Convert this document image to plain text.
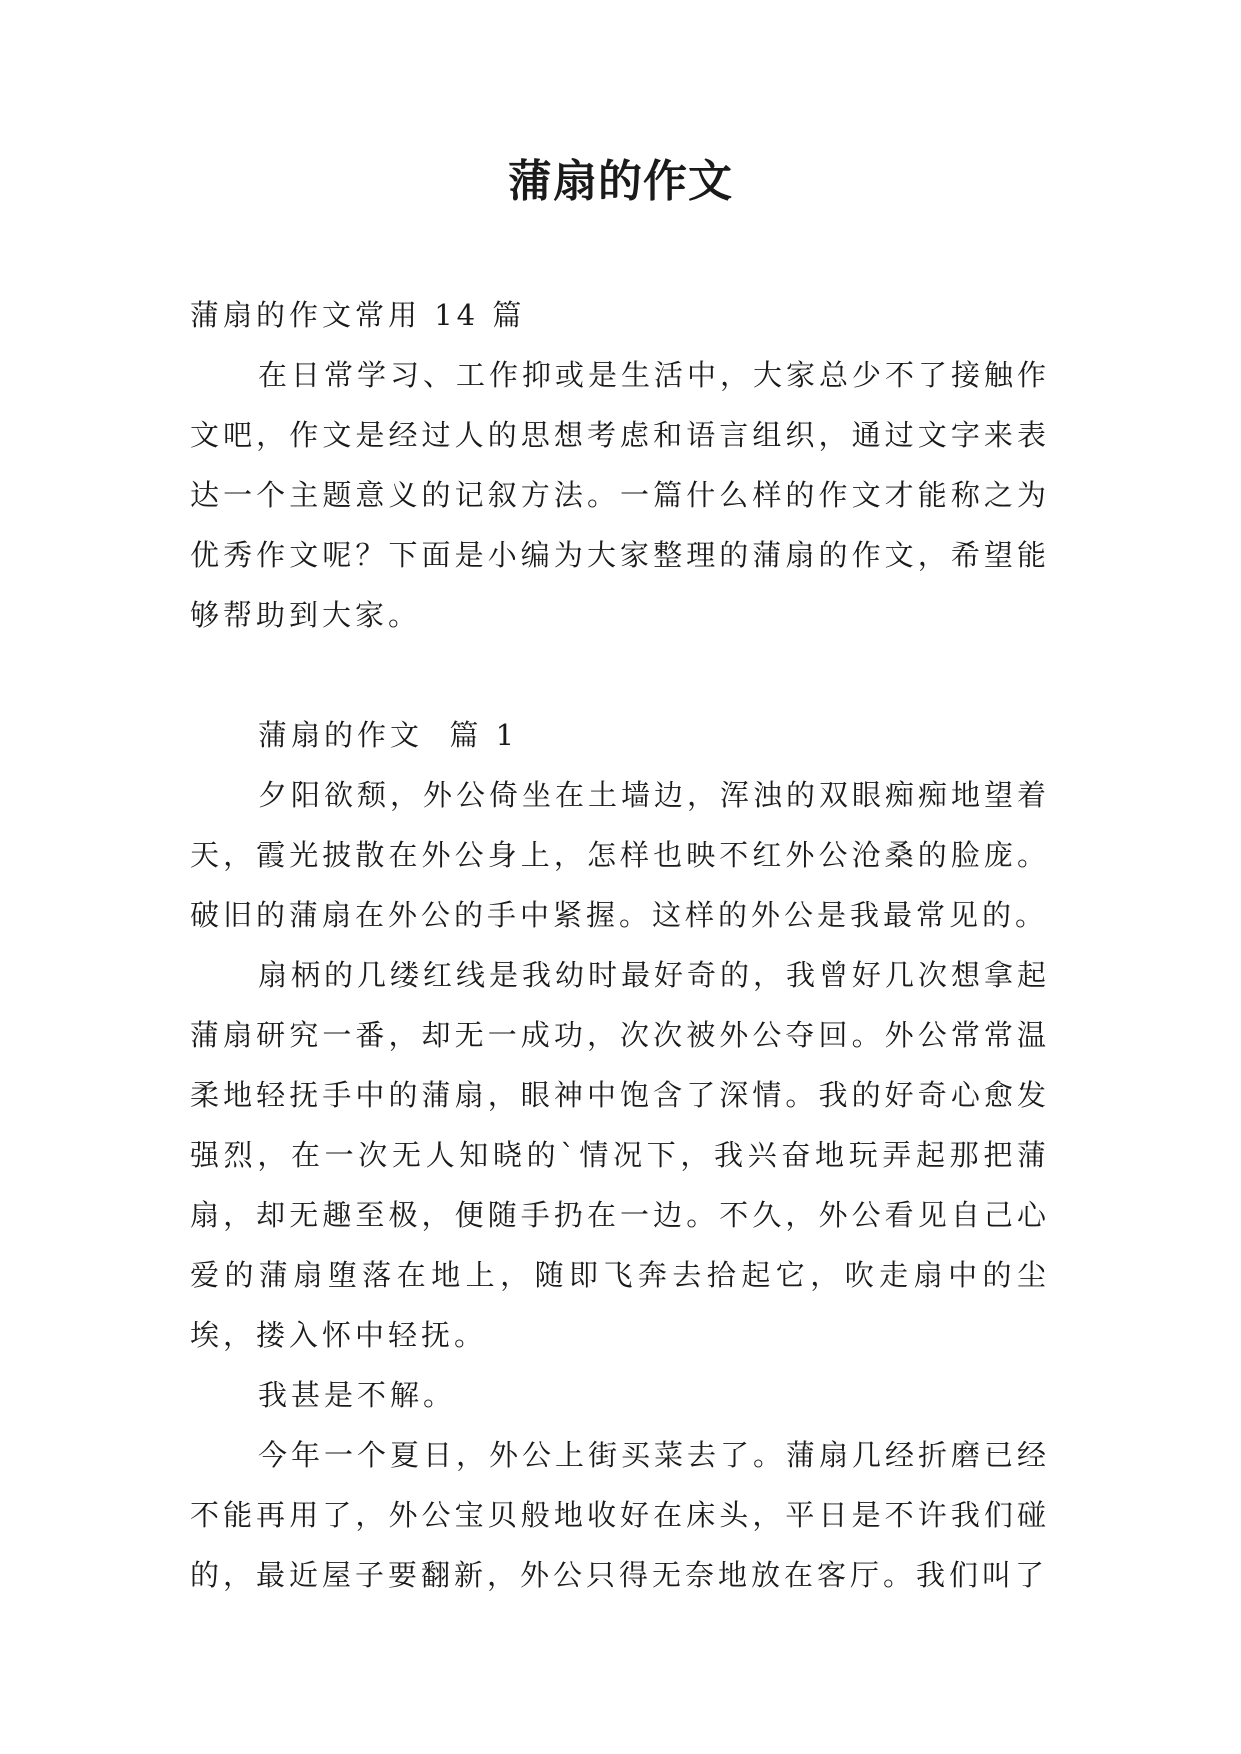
蒲扇的作文

蒲扇的作文常用 14 篇

在日常学习、工作抑或是生活中，大家总少不了接触作文吧，作文是经过人的思想考虑和语言组织，通过文字来表达一个主题意义的记叙方法。一篇什么样的作文才能称之为优秀作文呢？下面是小编为大家整理的蒲扇的作文，希望能够帮助到大家。

蒲扇的作文  篇 1

夕阳欲颓，外公倚坐在土墙边，浑浊的双眼痴痴地望着天，霞光披散在外公身上，怎样也映不红外公沧桑的脸庞。破旧的蒲扇在外公的手中紧握。这样的外公是我最常见的。

扇柄的几缕红线是我幼时最好奇的，我曾好几次想拿起蒲扇研究一番，却无一成功，次次被外公夺回。外公常常温柔地轻抚手中的蒲扇，眼神中饱含了深情。我的好奇心愈发强烈，在一次无人知晓的`情况下，我兴奋地玩弄起那把蒲扇，却无趣至极，便随手扔在一边。不久，外公看见自己心爱的蒲扇堕落在地上，随即飞奔去拾起它，吹走扇中的尘埃，搂入怀中轻抚。

我甚是不解。

今年一个夏日，外公上街买菜去了。蒲扇几经折磨已经不能再用了，外公宝贝般地收好在床头，平日是不许我们碰的，最近屋子要翻新，外公只得无奈地放在客厅。我们叫了
